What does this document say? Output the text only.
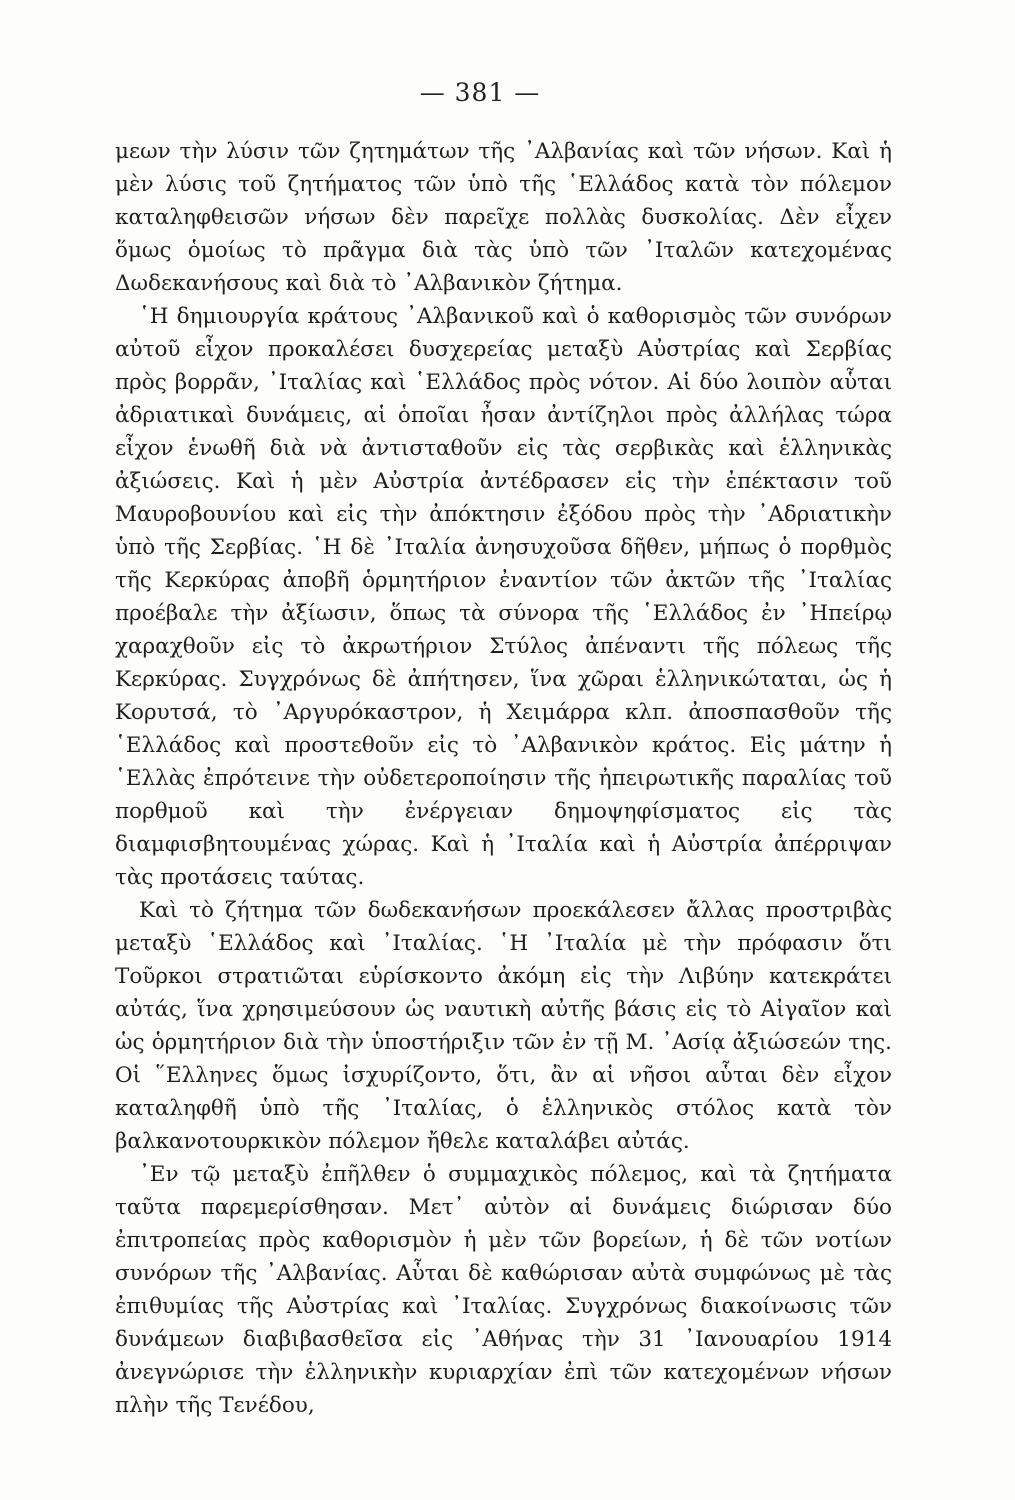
— 381 —

μεων τὴν λύσιν τῶν ζητημάτων τῆς ᾿Αλβανίας καὶ τῶν νήσων. Καὶ ἡ μὲν λύσις τοῦ ζητήματος τῶν ὑπὸ τῆς ῾Ελλάδος κατὰ τὸν πόλεμον καταληφθεισῶν νήσων δὲν παρεῖχε πολλὰς δυσκολίας. Δὲν εἶχεν ὅμως ὁμοίως τὸ πρᾶγμα διὰ τὰς ὑπὸ τῶν ᾿Ιταλῶν κατεχομένας Δωδεκανήσους καὶ διὰ τὸ ᾿Αλβανικὸν ζήτημα.

῾Η δημιουργία κράτους ᾿Αλβανικοῦ καὶ ὁ καθορισμὸς τῶν συνόρων αὐτοῦ εἶχον προκαλέσει δυσχερείας μεταξὺ Αὐστρίας καὶ Σερβίας πρὸς βορρᾶν, ᾿Ιταλίας καὶ ῾Ελλάδος πρὸς νότον. Αἱ δύο λοιπὸν αὗται ἀδριατικαὶ δυνάμεις, αἱ ὁποῖαι ἦσαν ἀντίζηλοι πρὸς ἀλλήλας τώρα εἶχον ἑνωθῆ διὰ νὰ ἀντισταθοῦν εἰς τὰς σερβικὰς καὶ ἑλληνικὰς ἀξιώσεις. Καὶ ἡ μὲν Αὐστρία ἀντέδρασεν εἰς τὴν ἐπέκτασιν τοῦ Μαυροβουνίου καὶ εἰς τὴν ἀπόκτησιν ἐξόδου πρὸς τὴν ᾿Αδριατικὴν ὑπὸ τῆς Σερβίας. ῾Η δὲ ᾿Ιταλία ἀνησυχοῦσα δῆθεν, μήπως ὁ πορθμὸς τῆς Κερκύρας ἀποβῆ ὁρμητήριον ἐναντίον τῶν ἀκτῶν τῆς ᾿Ιταλίας προέβαλε τὴν ἀξίωσιν, ὅπως τὰ σύνορα τῆς ῾Ελλάδος ἐν ᾿Ηπείρῳ χαραχθοῦν εἰς τὸ ἀκρωτήριον Στύλος ἀπέναντι τῆς πόλεως τῆς Κερκύρας. Συγχρόνως δὲ ἀπήτησεν, ἵνα χῶραι ἑλληνικώταται, ὡς ἡ Κορυτσά, τὸ ᾿Αργυρόκαστρον, ἡ Χειμάρρα κλπ. ἀποσπασθοῦν τῆς ῾Ελλάδος καὶ προστεθοῦν εἰς τὸ ᾿Αλβανικὸν κράτος. Εἰς μάτην ἡ ῾Ελλὰς ἐπρότεινε τὴν οὐδετεροποίησιν τῆς ἠπειρωτικῆς παραλίας τοῦ πορθμοῦ καὶ τὴν ἐνέργειαν δημοψηφίσματος εἰς τὰς διαμφισβητουμένας χώρας. Καὶ ἡ ᾿Ιταλία καὶ ἡ Αὐστρία ἀπέρριψαν τὰς προτάσεις ταύτας.

Καὶ τὸ ζήτημα τῶν δωδεκανήσων προεκάλεσεν ἄλλας προστριβὰς μεταξὺ ῾Ελλάδος καὶ ᾿Ιταλίας. ῾Η ᾿Ιταλία μὲ τὴν πρόφασιν ὅτι Τοῦρκοι στρατιῶται εὑρίσκοντο ἀκόμη εἰς τὴν Λιβύην κατεκράτει αὐτάς, ἵνα χρησιμεύσουν ὡς ναυτικὴ αὐτῆς βάσις εἰς τὸ Αἰγαῖον καὶ ὡς ὁρμητήριον διὰ τὴν ὑποστήριξιν τῶν ἐν τῇ Μ. ᾿Ασίᾳ ἀξιώσεών της. Οἱ ῞Ελληνες ὅμως ἰσχυρίζοντο, ὅτι, ἂν αἱ νῆσοι αὗται δὲν εἶχον καταληφθῆ ὑπὸ τῆς ᾿Ιταλίας, ὁ ἑλληνικὸς στόλος κατὰ τὸν βαλκανοτουρκικὸν πόλεμον ἤθελε καταλάβει αὐτάς.

᾿Εν τῷ μεταξὺ ἐπῆλθεν ὁ συμμαχικὸς πόλεμος, καὶ τὰ ζητήματα ταῦτα παρεμερίσθησαν. Μετ᾿ αὐτὸν αἱ δυνάμεις διώρισαν δύο ἐπιτροπείας πρὸς καθορισμὸν ἡ μὲν τῶν βορείων, ἡ δὲ τῶν νοτίων συνόρων τῆς ᾿Αλβανίας. Αὗται δὲ καθώρισαν αὐτὰ συμφώνως μὲ τὰς ἐπιθυμίας τῆς Αὐστρίας καὶ ᾿Ιταλίας. Συγχρόνως διακοίνωσις τῶν δυνάμεων διαβιβασθεῖσα εἰς ᾿Αθήνας τὴν 31 ᾿Ιανουαρίου 1914 ἀνεγνώρισε τὴν ἑλληνικὴν κυριαρχίαν ἐπὶ τῶν κατεχομένων νήσων πλὴν τῆς Τενέδου,
